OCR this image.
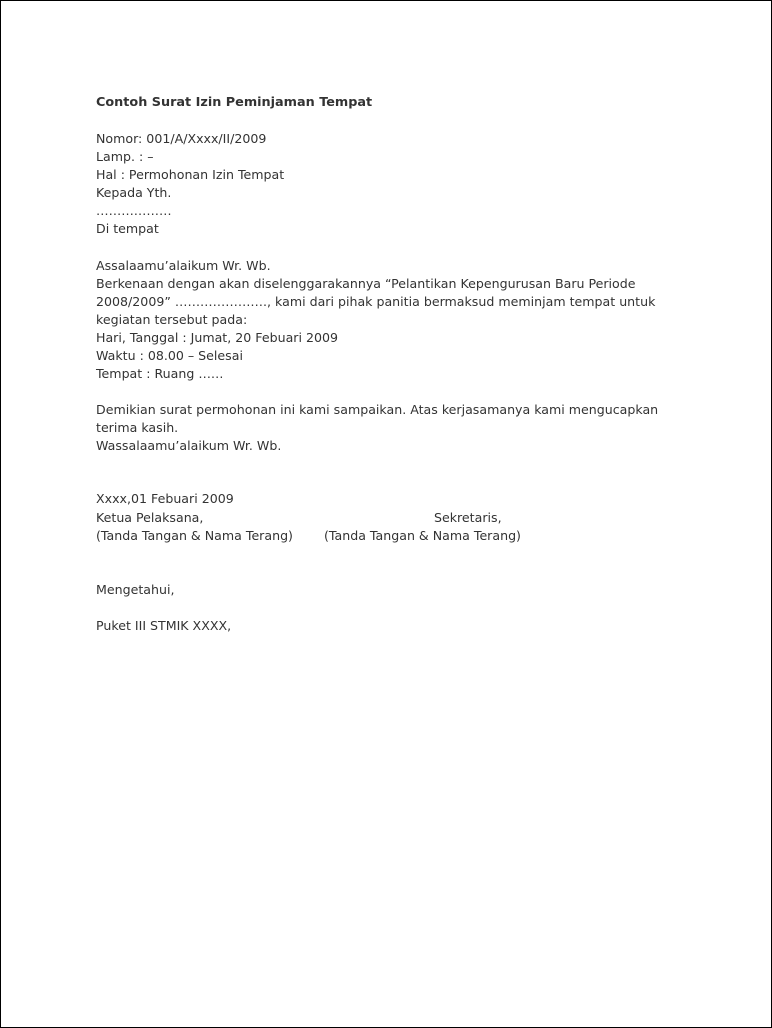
Contoh Surat Izin Peminjaman Tempat

Nomor: 001/A/Xxxx/II/2009

Lamp. : –

Hal : Permohonan Izin Tempat

Kepada Yth.

………………

Di tempat

Assalaamu’alaikum Wr. Wb.

Berkenaan dengan akan diselenggarakannya “Pelantikan Kepengurusan Baru Periode

2008/2009” …………………., kami dari pihak panitia bermaksud meminjam tempat untuk

kegiatan tersebut pada:

Hari, Tanggal : Jumat, 20 Febuari 2009

Waktu : 08.00 – Selesai

Tempat : Ruang ……

Demikian surat permohonan ini kami sampaikan. Atas kerjasamanya kami mengucapkan

terima kasih.

Wassalaamu’alaikum Wr. Wb.

Xxxx,01 Febuari 2009

Ketua Pelaksana,	Sekretaris,

(Tanda Tangan & Nama Terang) (Tanda Tangan & Nama Terang)

Mengetahui,

Puket III STMIK XXXX,
